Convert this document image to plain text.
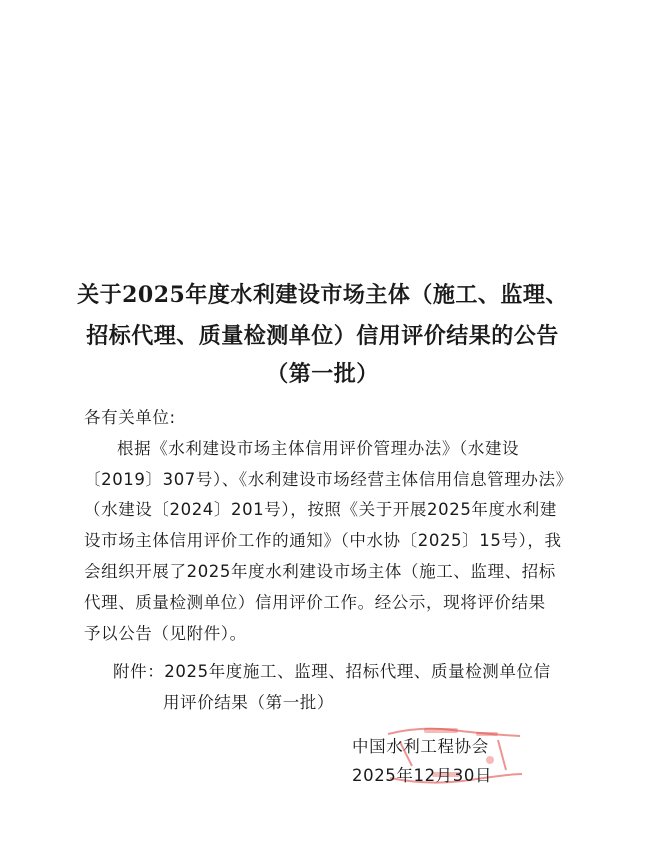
关于2025年度水利建设市场主体（施工、监理、
招标代理、质量检测单位）信用评价结果的公告
（第一批）
各有关单位:
根据《水利建设市场主体信用评价管理办法》（水建设
〔2019〕307号）、《水利建设市场经营主体信用信息管理办法》
（水建设〔2024〕201号），按照《关于开展2025年度水利建
设市场主体信用评价工作的通知》（中水协〔2025〕15号），我
会组织开展了2025年度水利建设市场主体（施工、监理、招标
代理、质量检测单位）信用评价工作。经公示，现将评价结果
予以公告（见附件）。
附件：2025年度施工、监理、招标代理、质量检测单位信
用评价结果（第一批）
中国水利工程协会
2025年12月30日
